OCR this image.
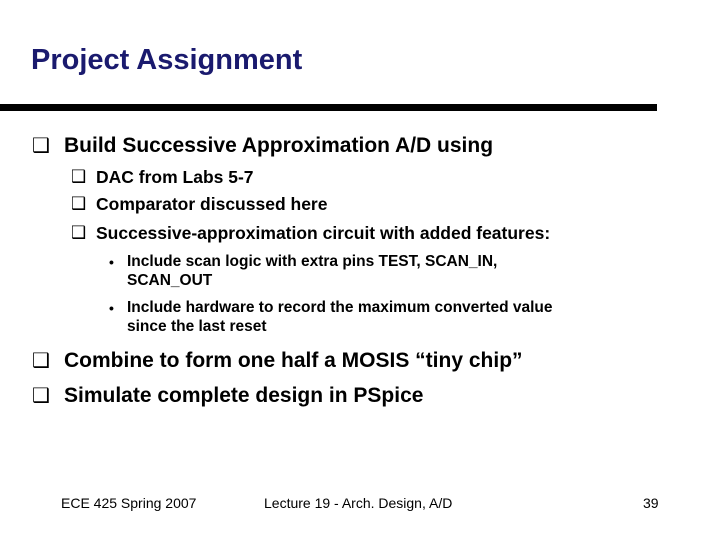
Project Assignment
❑ Build Successive Approximation A/D using
❑ DAC from Labs 5-7
❑ Comparator discussed here
❑ Successive-approximation circuit with added features:
• Include scan logic with extra pins TEST, SCAN_IN,
SCAN_OUT
• Include hardware to record the maximum converted value
since the last reset
❑ Combine to form one half a MOSIS “tiny chip”
❑ Simulate complete design in PSpice
ECE 425 Spring 2007	Lecture 19 - Arch. Design, A/D	39
